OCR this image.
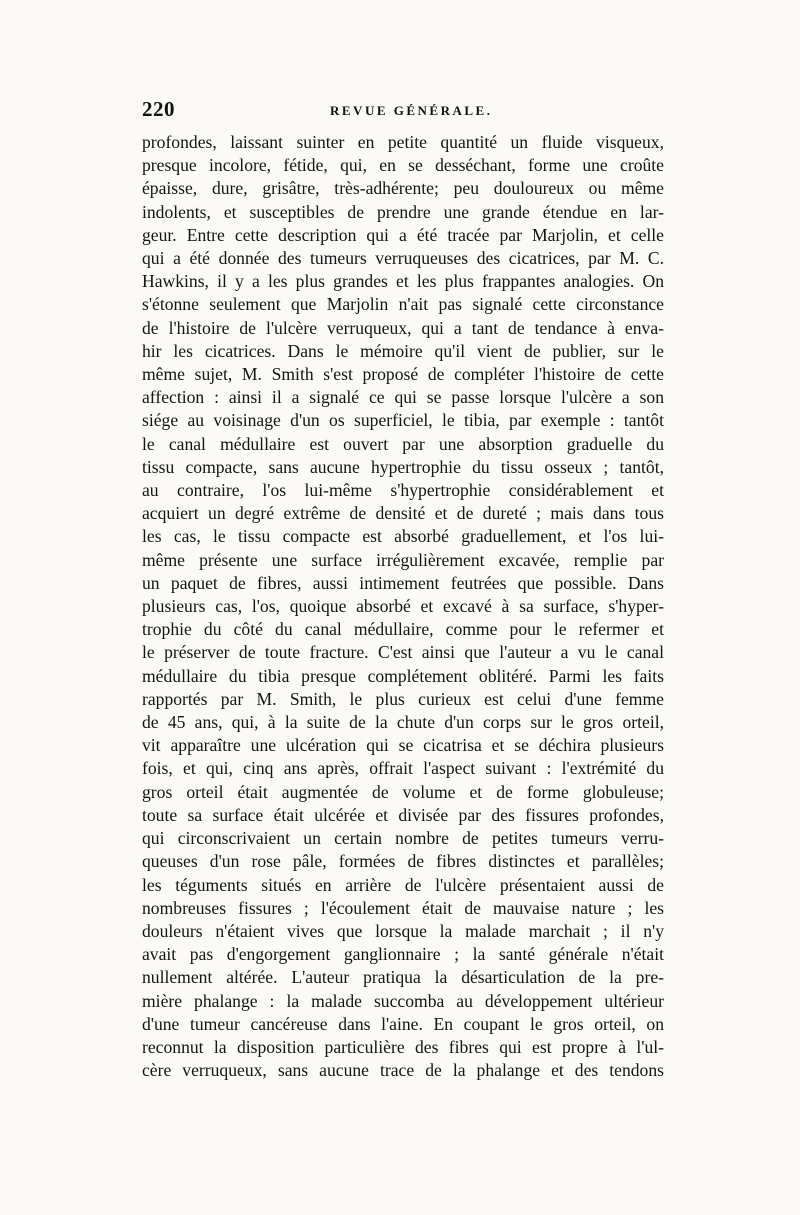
220	REVUE GÉNÉRALE.
profondes, laissant suinter en petite quantité un fluide visqueux,
presque incolore, fétide, qui, en se desséchant, forme une croûte
épaisse, dure, grisâtre, très-adhérente; peu douloureux ou même
indolents, et susceptibles de prendre une grande étendue en lar-
geur. Entre cette description qui a été tracée par Marjolin, et celle
qui a été donnée des tumeurs verruqueuses des cicatrices, par M. C.
Hawkins, il y a les plus grandes et les plus frappantes analogies. On
s'étonne seulement que Marjolin n'ait pas signalé cette circonstance
de l'histoire de l'ulcère verruqueux, qui a tant de tendance à enva-
hir les cicatrices. Dans le mémoire qu'il vient de publier, sur le
même sujet, M. Smith s'est proposé de compléter l'histoire de cette
affection : ainsi il a signalé ce qui se passe lorsque l'ulcère a son
siége au voisinage d'un os superficiel, le tibia, par exemple : tantôt
le canal médullaire est ouvert par une absorption graduelle du
tissu compacte, sans aucune hypertrophie du tissu osseux ; tantôt,
au contraire, l'os lui-même s'hypertrophie considérablement et
acquiert un degré extrême de densité et de dureté ; mais dans tous
les cas, le tissu compacte est absorbé graduellement, et l'os lui-
même présente une surface irrégulièrement excavée, remplie par
un paquet de fibres, aussi intimement feutrées que possible. Dans
plusieurs cas, l'os, quoique absorbé et excavé à sa surface, s'hyper-
trophie du côté du canal médullaire, comme pour le refermer et
le préserver de toute fracture. C'est ainsi que l'auteur a vu le canal
médullaire du tibia presque complétement oblitéré. Parmi les faits
rapportés par M. Smith, le plus curieux est celui d'une femme
de 45 ans, qui, à la suite de la chute d'un corps sur le gros orteil,
vit apparaître une ulcération qui se cicatrisa et se déchira plusieurs
fois, et qui, cinq ans après, offrait l'aspect suivant : l'extrémité du
gros orteil était augmentée de volume et de forme globuleuse;
toute sa surface était ulcérée et divisée par des fissures profondes,
qui circonscrivaient un certain nombre de petites tumeurs verru-
queuses d'un rose pâle, formées de fibres distinctes et parallèles;
les téguments situés en arrière de l'ulcère présentaient aussi de
nombreuses fissures ; l'écoulement était de mauvaise nature ; les
douleurs n'étaient vives que lorsque la malade marchait ; il n'y
avait pas d'engorgement ganglionnaire ; la santé générale n'était
nullement altérée. L'auteur pratiqua la désarticulation de la pre-
mière phalange : la malade succomba au développement ultérieur
d'une tumeur cancéreuse dans l'aine. En coupant le gros orteil, on
reconnut la disposition particulière des fibres qui est propre à l'ul-
cère verruqueux, sans aucune trace de la phalange et des tendons
